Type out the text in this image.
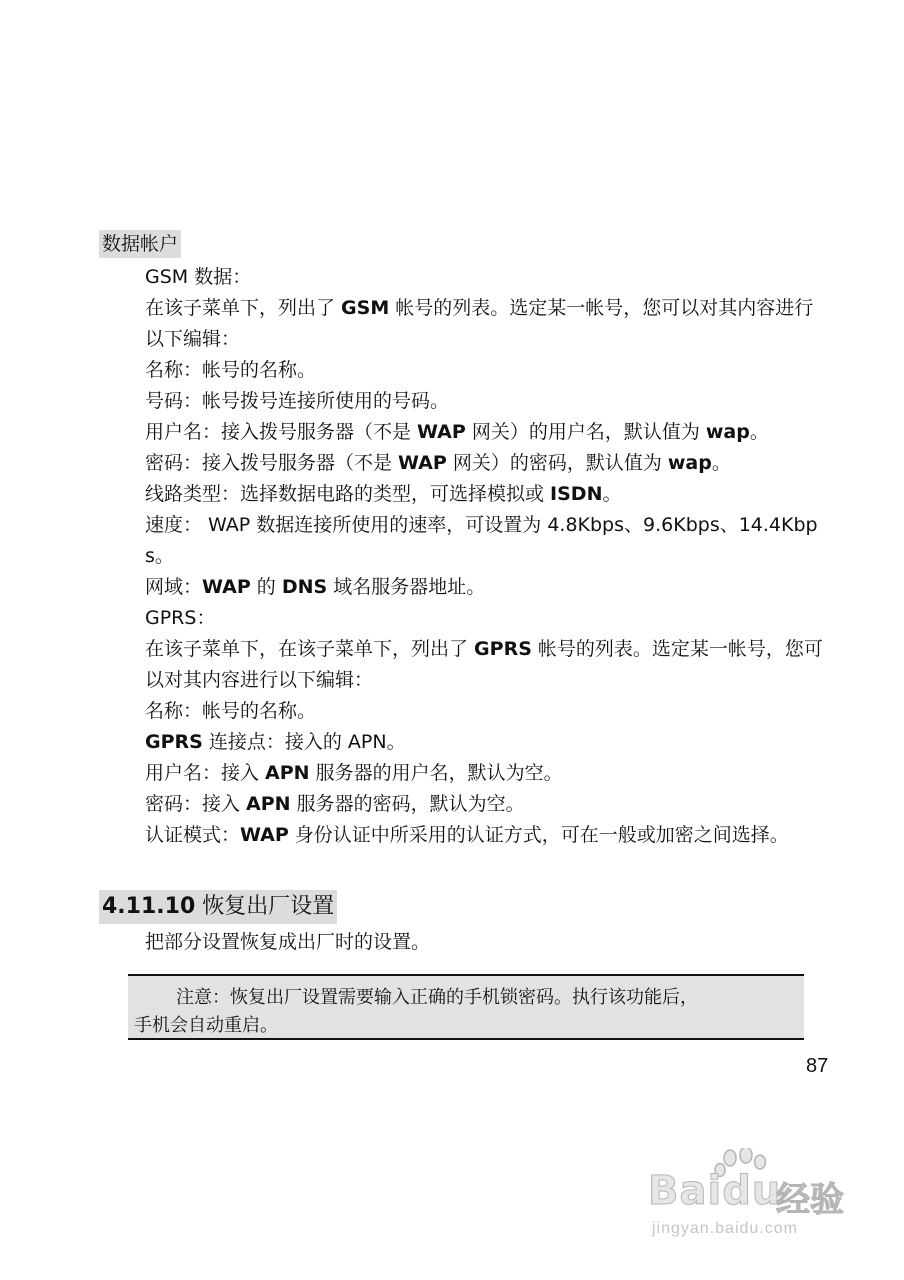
数据帐户

GSM 数据：

在该子菜单下，列出了 GSM 帐号的列表。选定某一帐号，您可以对其内容进行以下编辑：

名称：帐号的名称。

号码：帐号拨号连接所使用的号码。

用户名：接入拨号服务器（不是 WAP 网关）的用户名，默认值为 wap。

密码：接入拨号服务器（不是 WAP 网关）的密码，默认值为 wap。

线路类型：选择数据电路的类型，可选择模拟或 ISDN。

速度： WAP 数据连接所使用的速率，可设置为 4.8Kbps、9.6Kbps、14.4Kbps。

网域：WAP 的 DNS 域名服务器地址。

GPRS：

在该子菜单下，在该子菜单下，列出了 GPRS 帐号的列表。选定某一帐号，您可以对其内容进行以下编辑：

名称：帐号的名称。

GPRS 连接点：接入的 APN。

用户名：接入 APN 服务器的用户名，默认为空。

密码：接入 APN 服务器的密码，默认为空。

认证模式：WAP 身份认证中所采用的认证方式，可在一般或加密之间选择。

4.11.10 恢复出厂设置
把部分设置恢复成出厂时的设置。
注意：恢复出厂设置需要输入正确的手机锁密码。执行该功能后，
手机会自动重启。
87
Baidu
经验
jingyan.baidu.com
